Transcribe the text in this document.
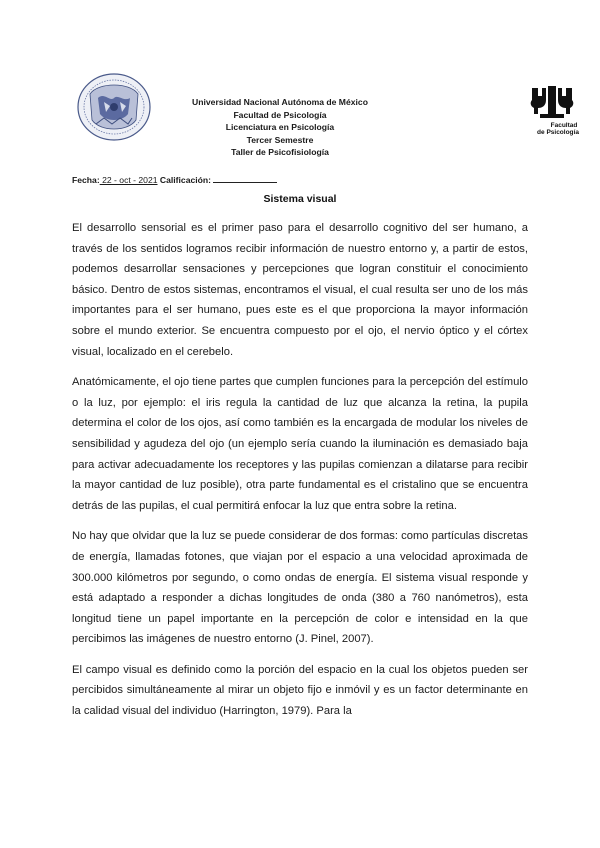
Universidad Nacional Autónoma de México
Facultad de Psicología
Licenciatura en Psicología
Tercer Semestre
Taller de Psicofisiología
Facultad
de Psicología
Fecha: 22 - oct - 2021 Calificación:
Sistema visual

El desarrollo sensorial es el primer paso para el desarrollo cognitivo del ser humano, a través de los sentidos logramos recibir información de nuestro entorno y, a partir de estos, podemos desarrollar sensaciones y percepciones que logran constituir el conocimiento básico. Dentro de estos sistemas, encontramos el visual, el cual resulta ser uno de los más importantes para el ser humano, pues este es el que proporciona la mayor información sobre el mundo exterior. Se encuentra compuesto por el ojo, el nervio óptico y el córtex visual, localizado en el cerebelo.

Anatómicamente, el ojo tiene partes que cumplen funciones para la percepción del estímulo o la luz, por ejemplo: el iris regula la cantidad de luz que alcanza la retina, la pupila determina el color de los ojos, así como también es la encargada de modular los niveles de sensibilidad y agudeza del ojo (un ejemplo sería cuando la iluminación es demasiado baja para activar adecuadamente los receptores y las pupilas comienzan a dilatarse para recibir la mayor cantidad de luz posible), otra parte fundamental es el cristalino que se encuentra detrás de las pupilas, el cual permitirá enfocar la luz que entra sobre la retina.

No hay que olvidar que la luz se puede considerar de dos formas: como partículas discretas de energía, llamadas fotones, que viajan por el espacio a una velocidad aproximada de 300.000 kilómetros por segundo, o como ondas de energía. El sistema visual responde y está adaptado a responder a dichas longitudes de onda (380 a 760 nanómetros), esta longitud tiene un papel importante en la percepción de color e intensidad en la que percibimos las imágenes de nuestro entorno (J. Pinel, 2007).

El campo visual es definido como la porción del espacio en la cual los objetos pueden ser percibidos simultáneamente al mirar un objeto fijo e inmóvil y es un factor determinante en la calidad visual del individuo (Harrington, 1979). Para la
